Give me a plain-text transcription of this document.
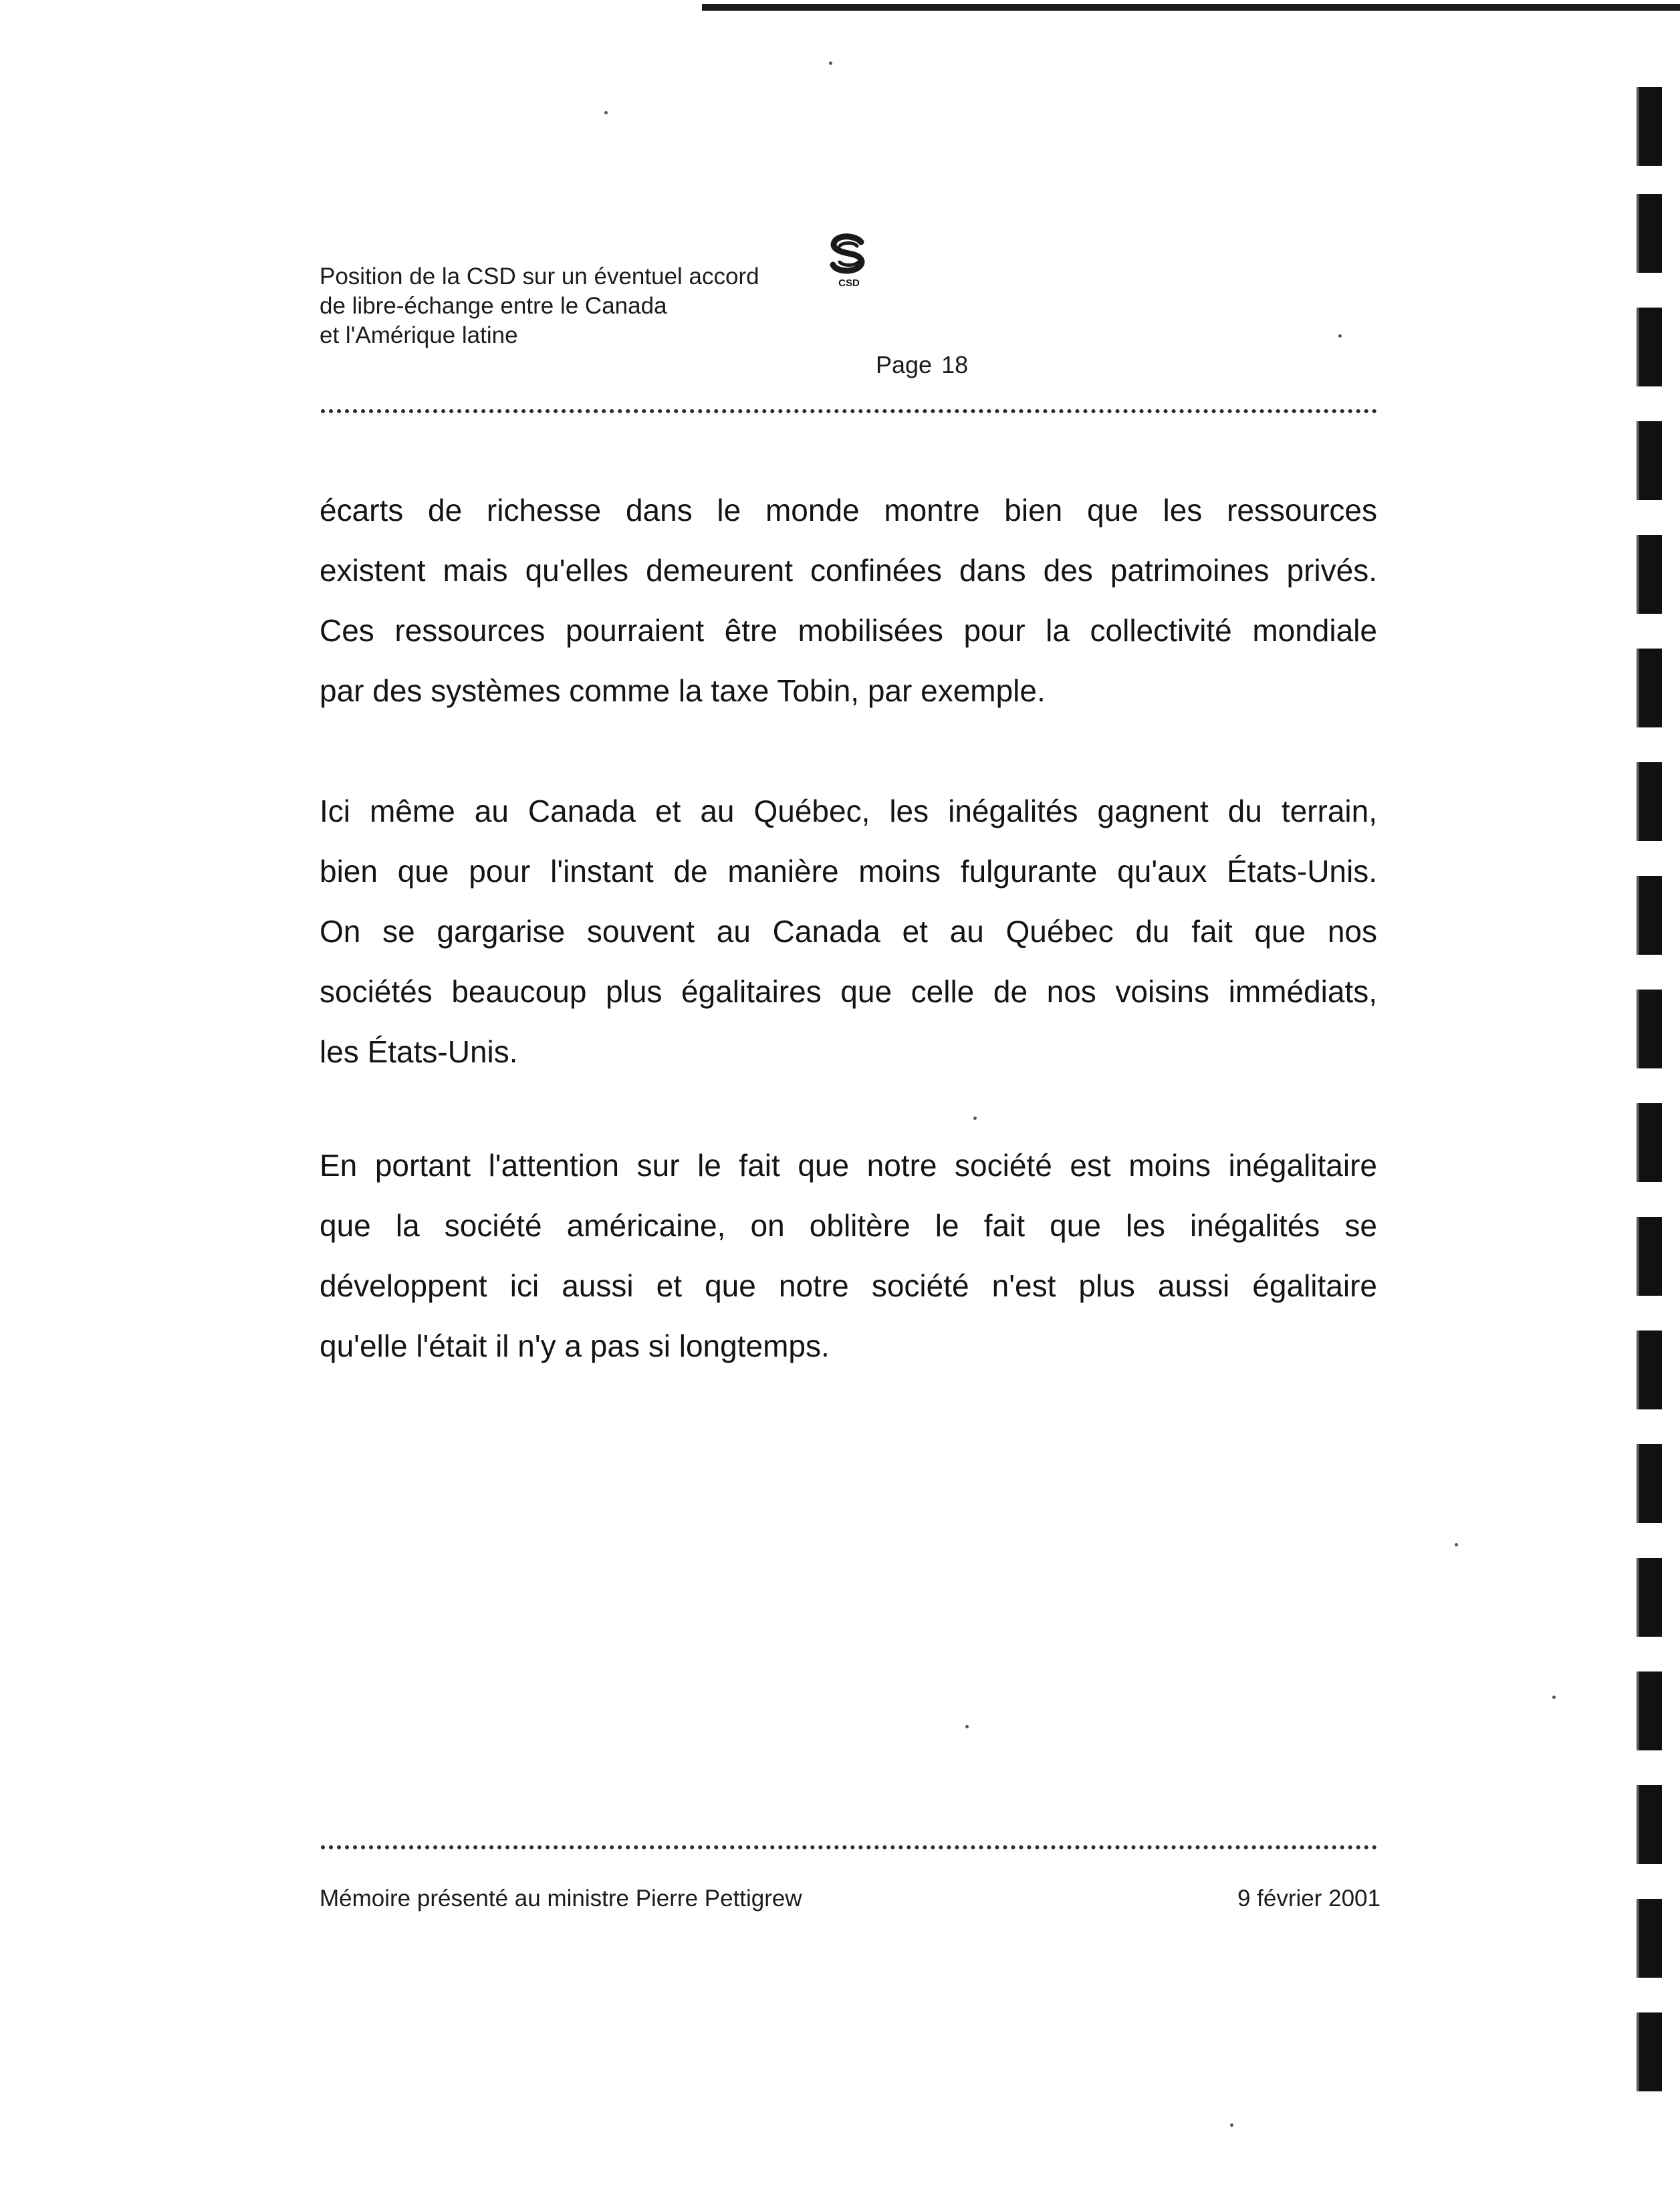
Position de la CSD sur un éventuel accord
de libre-échange entre le Canada
et l'Amérique latine
CSD
Page 18
écarts de richesse dans le monde montre bien que les ressources
existent mais qu'elles demeurent confinées dans des patrimoines privés.
Ces ressources pourraient être mobilisées pour la collectivité mondiale
par des systèmes comme la taxe Tobin, par exemple.
Ici même au Canada et au Québec, les inégalités gagnent du terrain,
bien que pour l'instant de manière moins fulgurante qu'aux États-Unis.
On se gargarise souvent au Canada et au Québec du fait que nos
sociétés beaucoup plus égalitaires que celle de nos voisins immédiats,
les États-Unis.
En portant l'attention sur le fait que notre société est moins inégalitaire
que la société américaine, on oblitère le fait que les inégalités se
développent ici aussi et que notre société n'est plus aussi égalitaire
qu'elle l'était il n'y a pas si longtemps.
Mémoire présenté au ministre Pierre Pettigrew	9 février 2001
